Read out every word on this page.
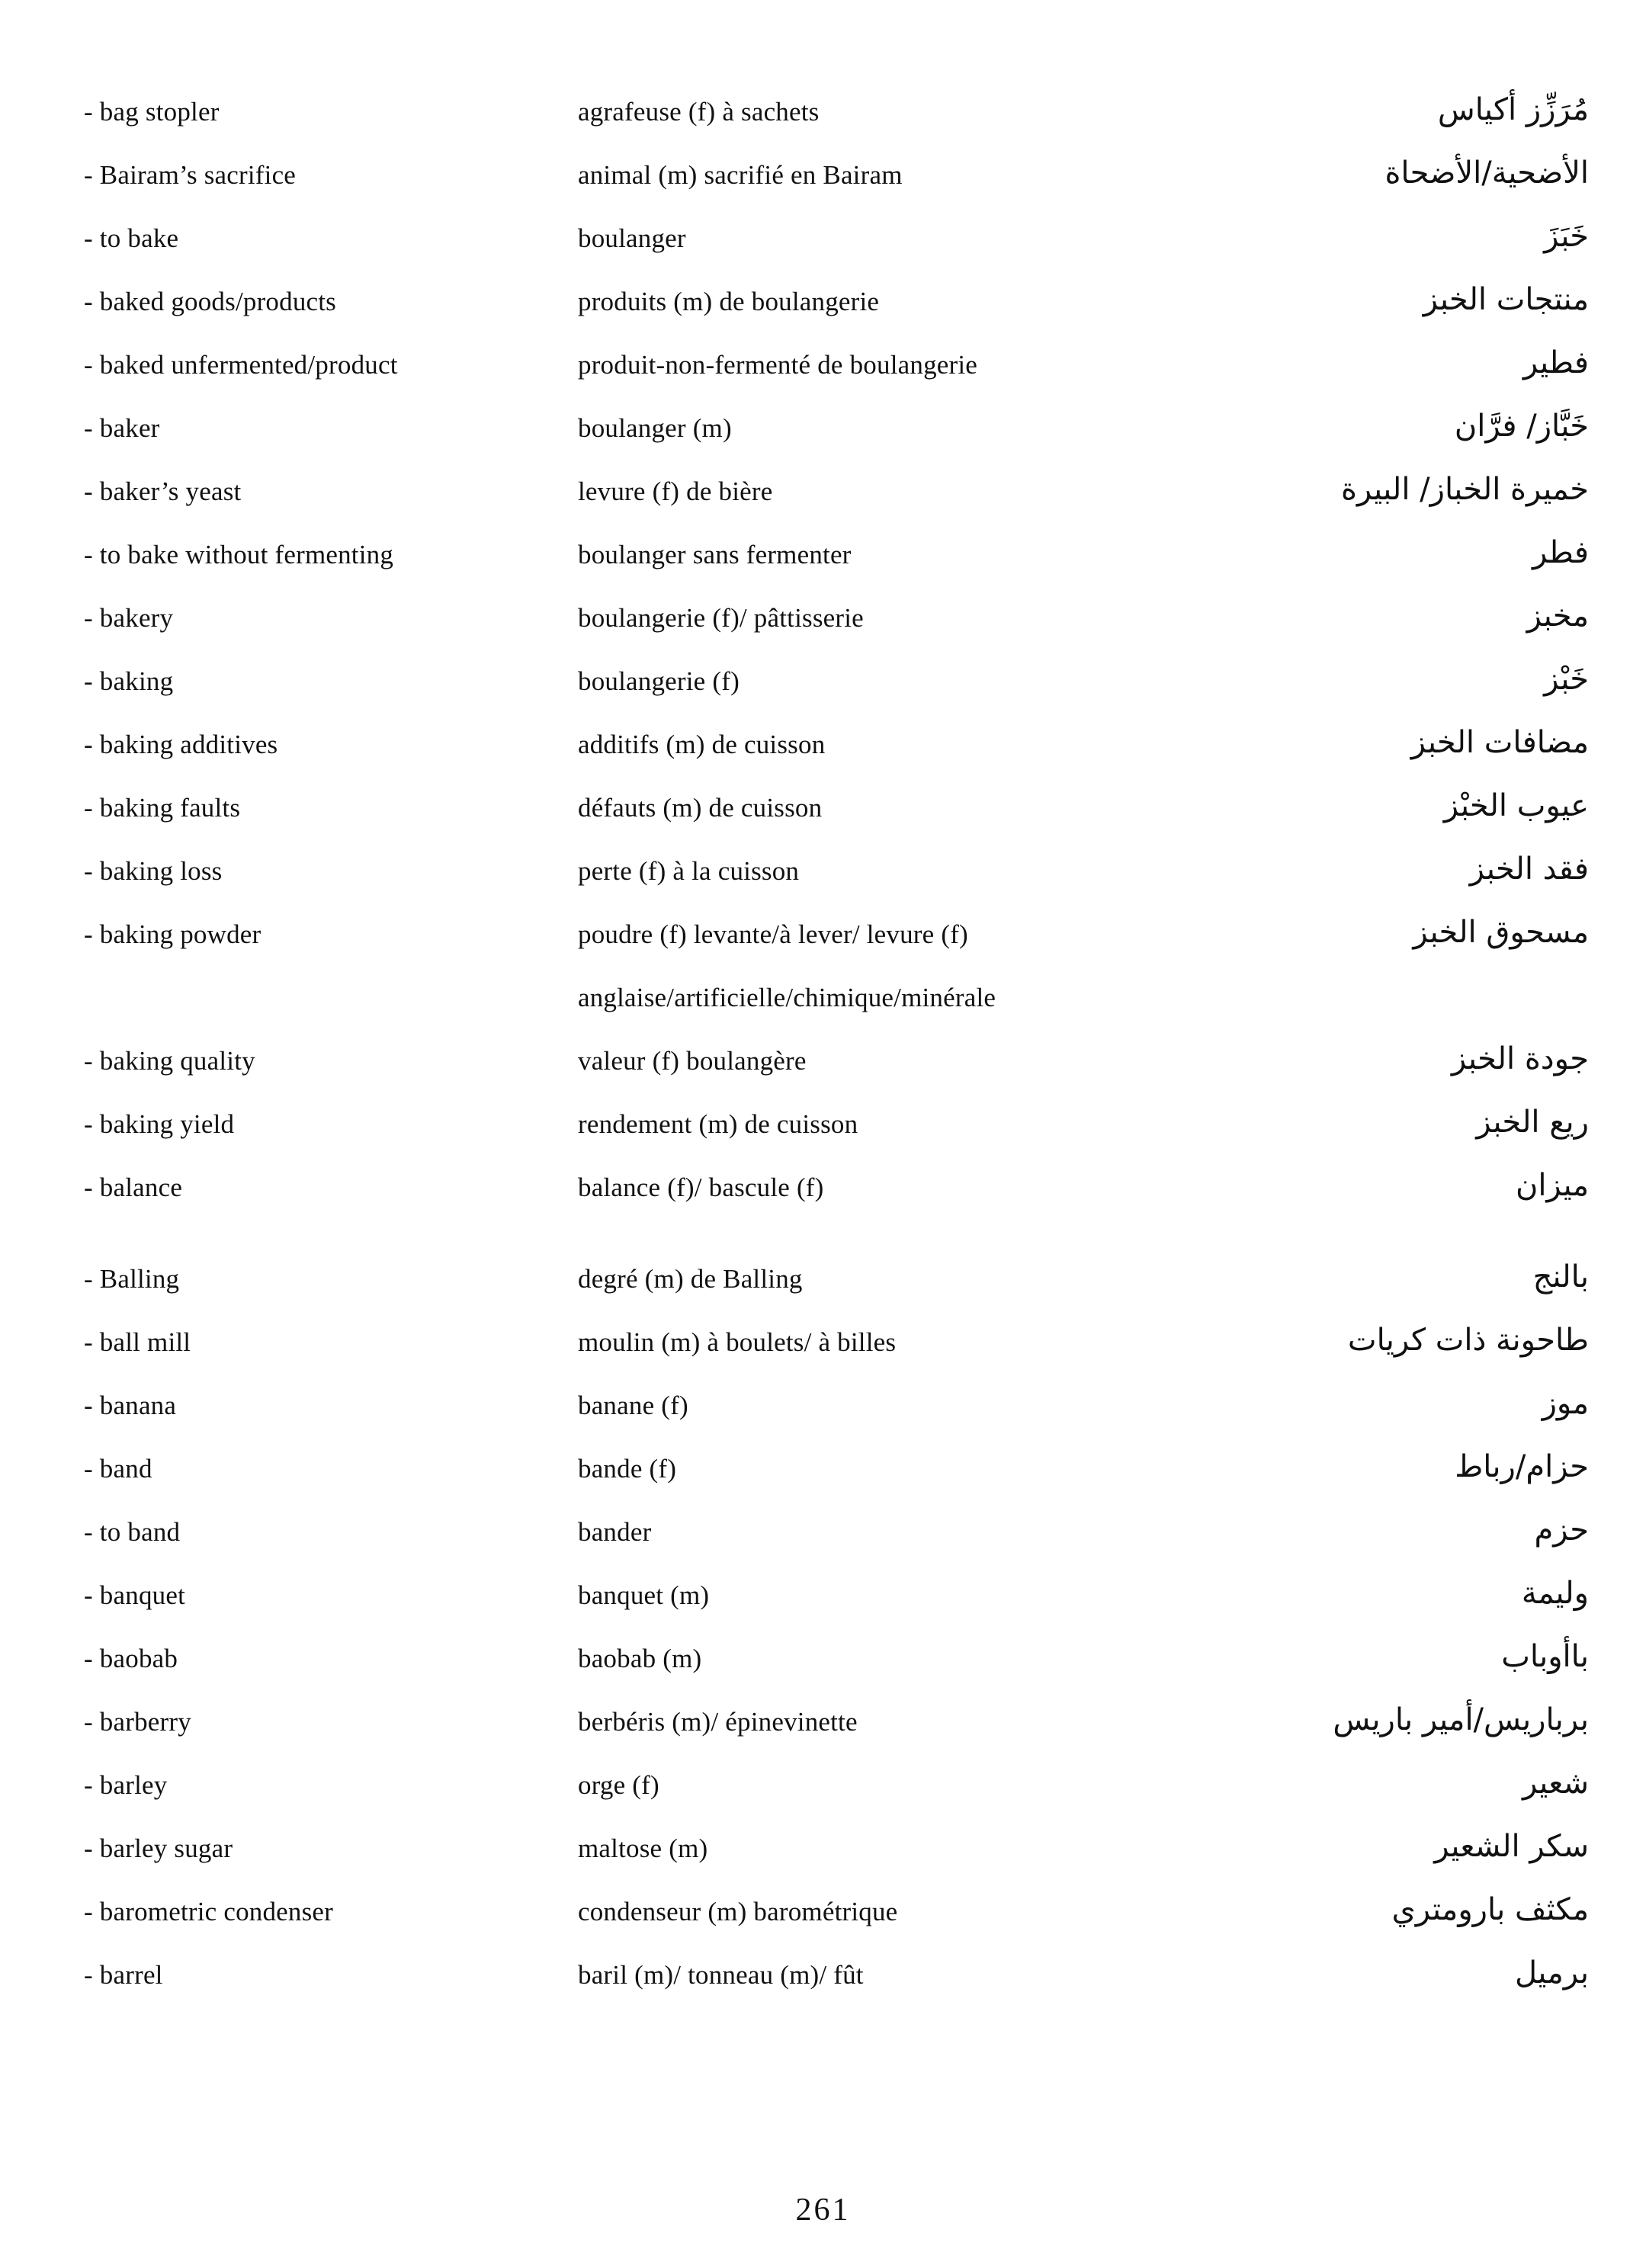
- bag stopler	agrafeuse (f) à sachets	مُرَزِّز أكياس
- Bairam’s sacrifice	animal (m) sacrifié en Bairam	الأضحية/الأضحاة
- to bake	boulanger	خَبَزَ
- baked goods/products	produits (m) de boulangerie	منتجات الخبز
- baked unfermented/product	produit-non-fermenté de boulangerie	فطير
- baker	boulanger (m)	خَبَّاز/ فرَّان
- baker’s yeast	levure (f) de bière	خميرة الخباز/ البيرة
- to bake without fermenting	boulanger sans fermenter	فطر
- bakery	boulangerie (f)/ pâttisserie	مخبز
- baking	boulangerie (f)	خَبْز
- baking additives	additifs (m) de cuisson	مضافات الخبز
- baking faults	défauts (m) de cuisson	عيوب الخبْز
- baking loss	perte (f) à la cuisson	فقد الخبز
- baking powder	poudre (f) levante/à lever/ levure (f)	مسحوق الخبز
anglaise/artificielle/chimique/minérale
- baking quality	valeur (f) boulangère	جودة الخبز
- baking yield	rendement (m) de cuisson	ريع الخبز
- balance	balance (f)/ bascule (f)	ميزان
- Balling	degré (m) de Balling	بالنج
- ball mill	moulin (m) à boulets/ à billes	طاحونة ذات كريات
- banana	banane (f)	موز
- band	bande (f)	حزام/رباط
- to band	bander	حزم
- banquet	banquet (m)	وليمة
- baobab	baobab (m)	باأوباب
- barberry	berbéris (m)/ épinevinette	برباريس/أمير باريس
- barley	orge (f)	شعير
- barley sugar	maltose (m)	سكر الشعير
- barometric condenser	condenseur (m) barométrique	مكثف بارومتري
- barrel	baril (m)/ tonneau (m)/ fût	برميل
261
